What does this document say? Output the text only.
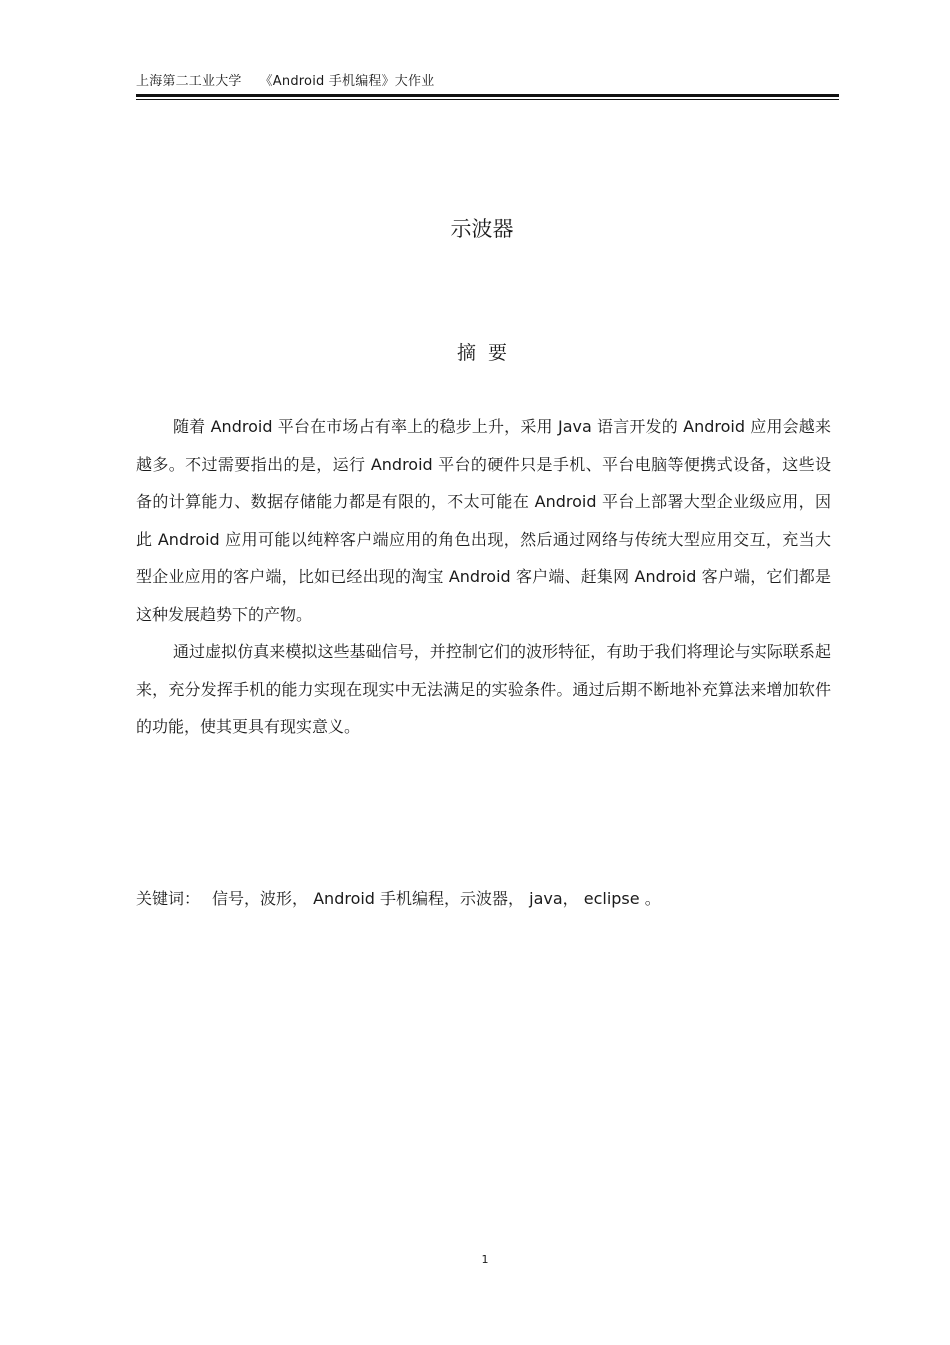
上海第二工业大学 《Android 手机编程》大作业
示波器
摘要

随着 Android 平台在市场占有率上的稳步上升，采用 Java 语言开发的 Android 应用会越来越多。不过需要指出的是，运行 Android 平台的硬件只是手机、平台电脑等便携式设备，这些设备的计算能力、数据存储能力都是有限的，不太可能在 Android 平台上部署大型企业级应用，因此 Android 应用可能以纯粹客户端应用的角色出现，然后通过网络与传统大型应用交互，充当大型企业应用的客户端，比如已经出现的淘宝 Android 客户端、赶集网 Android 客户端，它们都是这种发展趋势下的产物。

通过虚拟仿真来模拟这些基础信号，并控制它们的波形特征，有助于我们将理论与实际联系起来，充分发挥手机的能力实现在现实中无法满足的实验条件。通过后期不断地补充算法来增加软件的功能，使其更具有现实意义。

关键词： 信号，波形， Android 手机编程，示波器， java， eclipse 。
1
